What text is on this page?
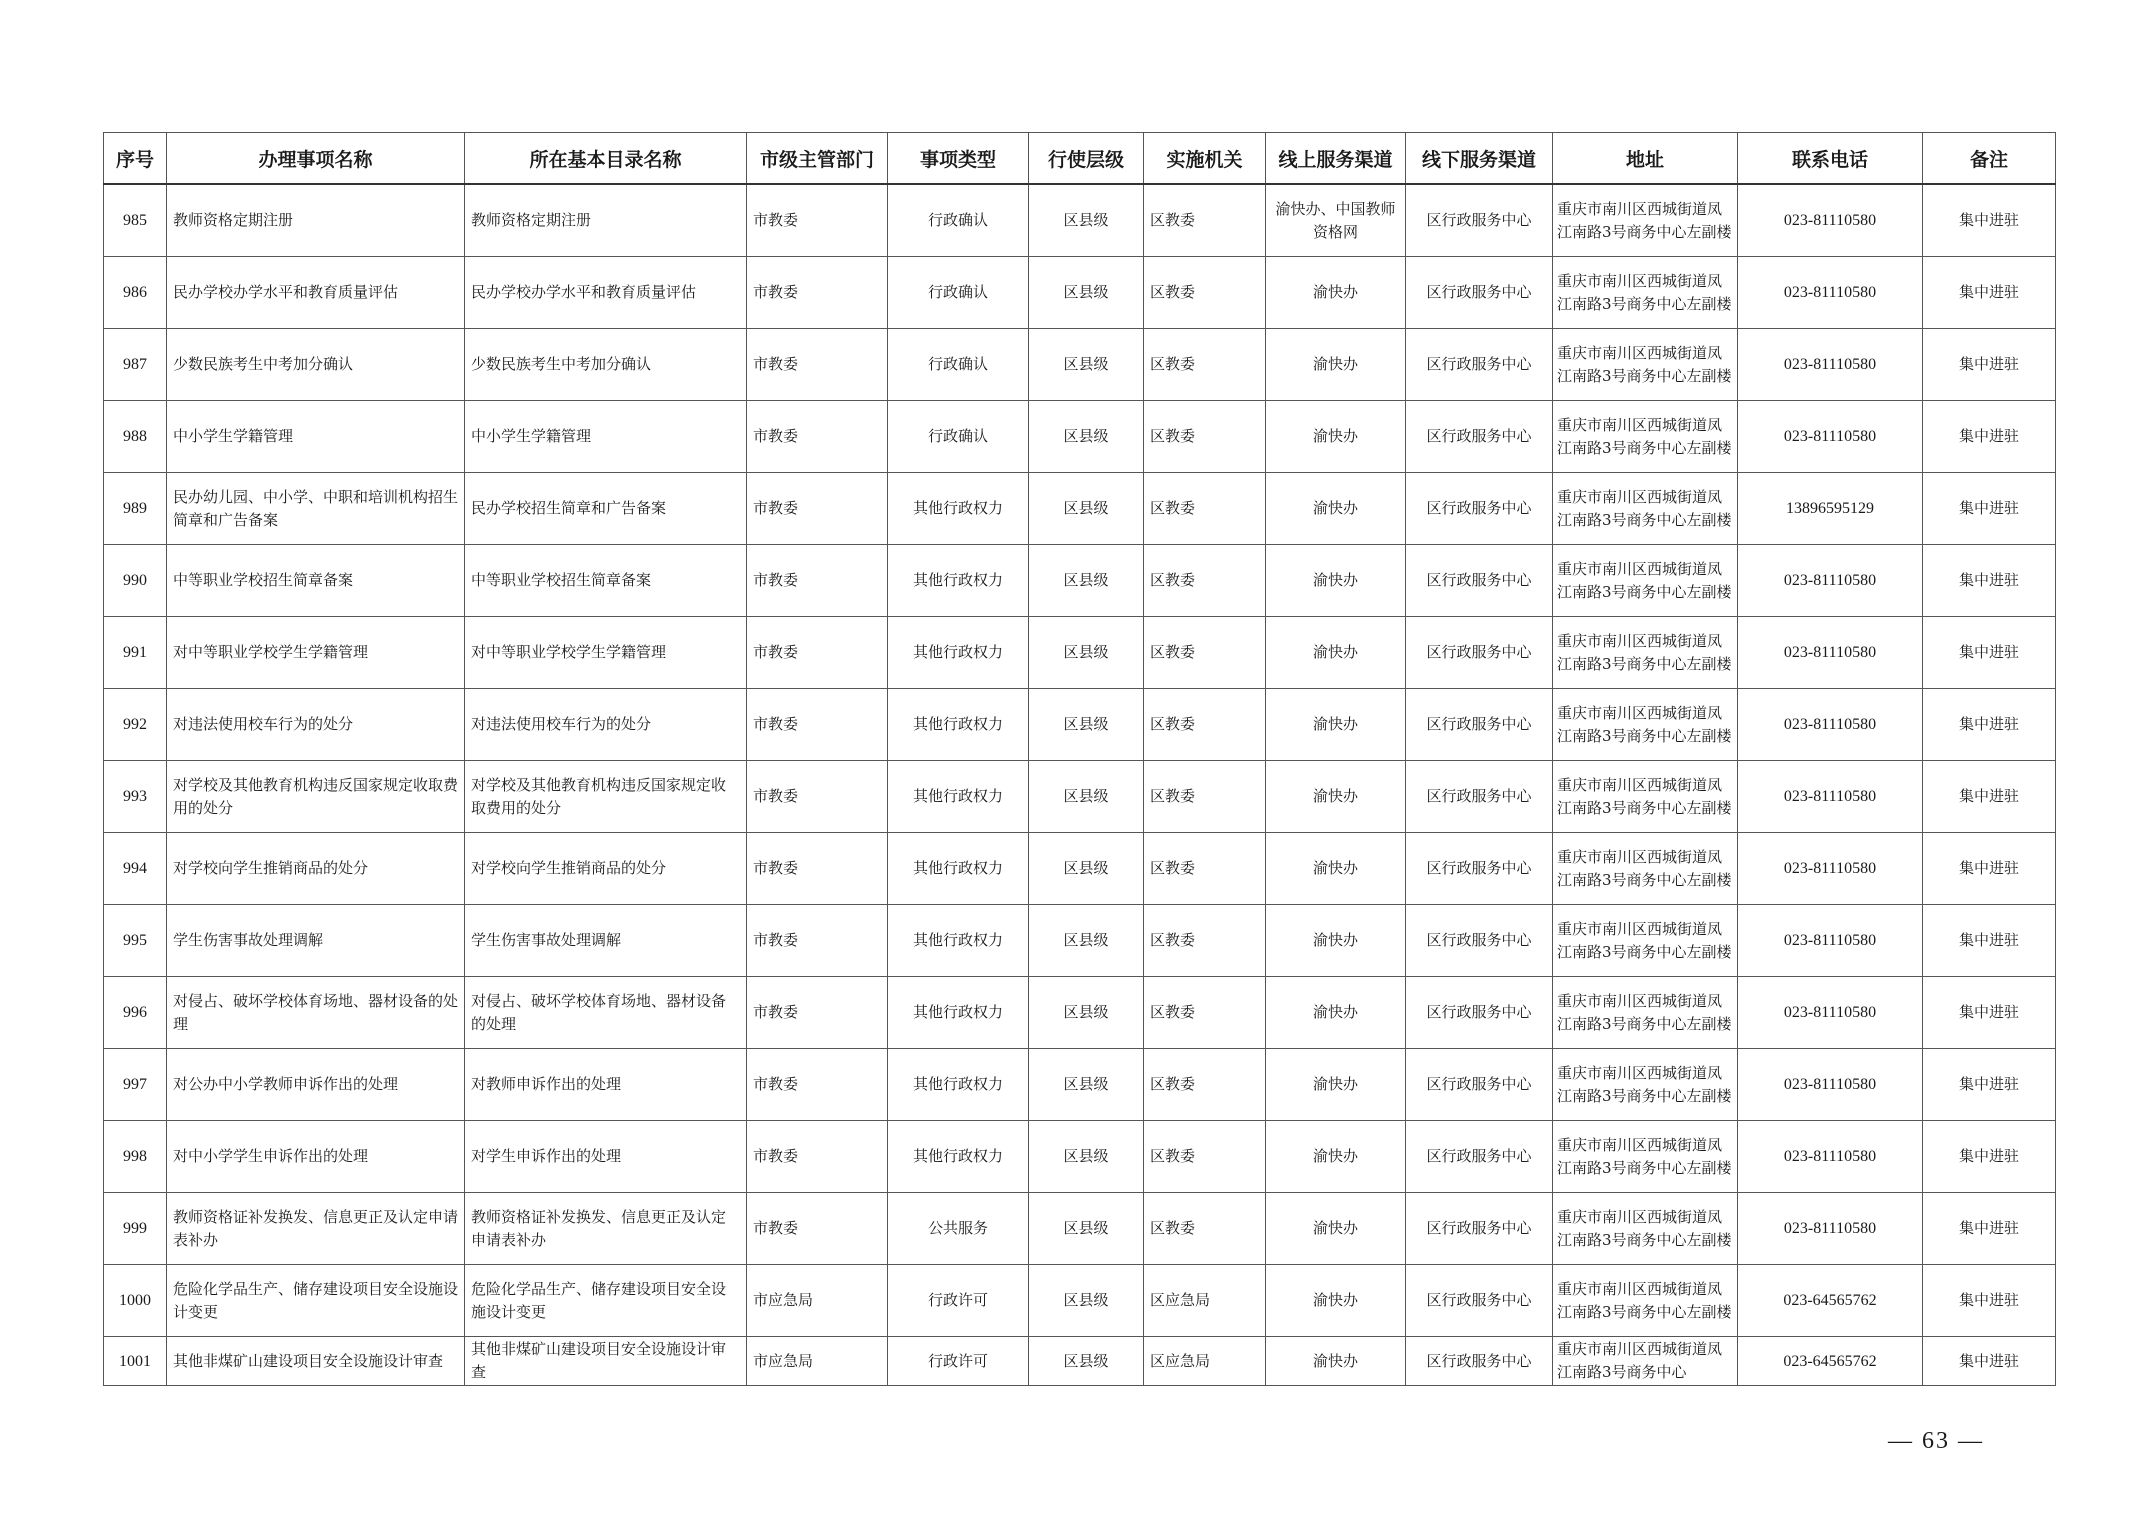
序号	办理事项名称	所在基本目录名称	市级主管部门	事项类型	行使层级	实施机关	线上服务渠道	线下服务渠道	地址	联系电话	备注
985	教师资格定期注册	教师资格定期注册	市教委	行政确认	区县级	区教委	渝快办、中国教师资格网	区行政服务中心	重庆市南川区西城街道凤江南路3号商务中心左副楼	023-81110580	集中进驻
986	民办学校办学水平和教育质量评估	民办学校办学水平和教育质量评估	市教委	行政确认	区县级	区教委	渝快办	区行政服务中心	重庆市南川区西城街道凤江南路3号商务中心左副楼	023-81110580	集中进驻
987	少数民族考生中考加分确认	少数民族考生中考加分确认	市教委	行政确认	区县级	区教委	渝快办	区行政服务中心	重庆市南川区西城街道凤江南路3号商务中心左副楼	023-81110580	集中进驻
988	中小学生学籍管理	中小学生学籍管理	市教委	行政确认	区县级	区教委	渝快办	区行政服务中心	重庆市南川区西城街道凤江南路3号商务中心左副楼	023-81110580	集中进驻
989	民办幼儿园、中小学、中职和培训机构招生简章和广告备案	民办学校招生简章和广告备案	市教委	其他行政权力	区县级	区教委	渝快办	区行政服务中心	重庆市南川区西城街道凤江南路3号商务中心左副楼	13896595129	集中进驻
990	中等职业学校招生简章备案	中等职业学校招生简章备案	市教委	其他行政权力	区县级	区教委	渝快办	区行政服务中心	重庆市南川区西城街道凤江南路3号商务中心左副楼	023-81110580	集中进驻
991	对中等职业学校学生学籍管理	对中等职业学校学生学籍管理	市教委	其他行政权力	区县级	区教委	渝快办	区行政服务中心	重庆市南川区西城街道凤江南路3号商务中心左副楼	023-81110580	集中进驻
992	对违法使用校车行为的处分	对违法使用校车行为的处分	市教委	其他行政权力	区县级	区教委	渝快办	区行政服务中心	重庆市南川区西城街道凤江南路3号商务中心左副楼	023-81110580	集中进驻
993	对学校及其他教育机构违反国家规定收取费用的处分	对学校及其他教育机构违反国家规定收取费用的处分	市教委	其他行政权力	区县级	区教委	渝快办	区行政服务中心	重庆市南川区西城街道凤江南路3号商务中心左副楼	023-81110580	集中进驻
994	对学校向学生推销商品的处分	对学校向学生推销商品的处分	市教委	其他行政权力	区县级	区教委	渝快办	区行政服务中心	重庆市南川区西城街道凤江南路3号商务中心左副楼	023-81110580	集中进驻
995	学生伤害事故处理调解	学生伤害事故处理调解	市教委	其他行政权力	区县级	区教委	渝快办	区行政服务中心	重庆市南川区西城街道凤江南路3号商务中心左副楼	023-81110580	集中进驻
996	对侵占、破坏学校体育场地、器材设备的处理	对侵占、破坏学校体育场地、器材设备的处理	市教委	其他行政权力	区县级	区教委	渝快办	区行政服务中心	重庆市南川区西城街道凤江南路3号商务中心左副楼	023-81110580	集中进驻
997	对公办中小学教师申诉作出的处理	对教师申诉作出的处理	市教委	其他行政权力	区县级	区教委	渝快办	区行政服务中心	重庆市南川区西城街道凤江南路3号商务中心左副楼	023-81110580	集中进驻
998	对中小学学生申诉作出的处理	对学生申诉作出的处理	市教委	其他行政权力	区县级	区教委	渝快办	区行政服务中心	重庆市南川区西城街道凤江南路3号商务中心左副楼	023-81110580	集中进驻
999	教师资格证补发换发、信息更正及认定申请表补办	教师资格证补发换发、信息更正及认定申请表补办	市教委	公共服务	区县级	区教委	渝快办	区行政服务中心	重庆市南川区西城街道凤江南路3号商务中心左副楼	023-81110580	集中进驻
1000	危险化学品生产、储存建设项目安全设施设计变更	危险化学品生产、储存建设项目安全设施设计变更	市应急局	行政许可	区县级	区应急局	渝快办	区行政服务中心	重庆市南川区西城街道凤江南路3号商务中心左副楼	023-64565762	集中进驻
1001	其他非煤矿山建设项目安全设施设计审查	其他非煤矿山建设项目安全设施设计审查	市应急局	行政许可	区县级	区应急局	渝快办	区行政服务中心	重庆市南川区西城街道凤江南路3号商务中心	023-64565762	集中进驻
— 63 —
